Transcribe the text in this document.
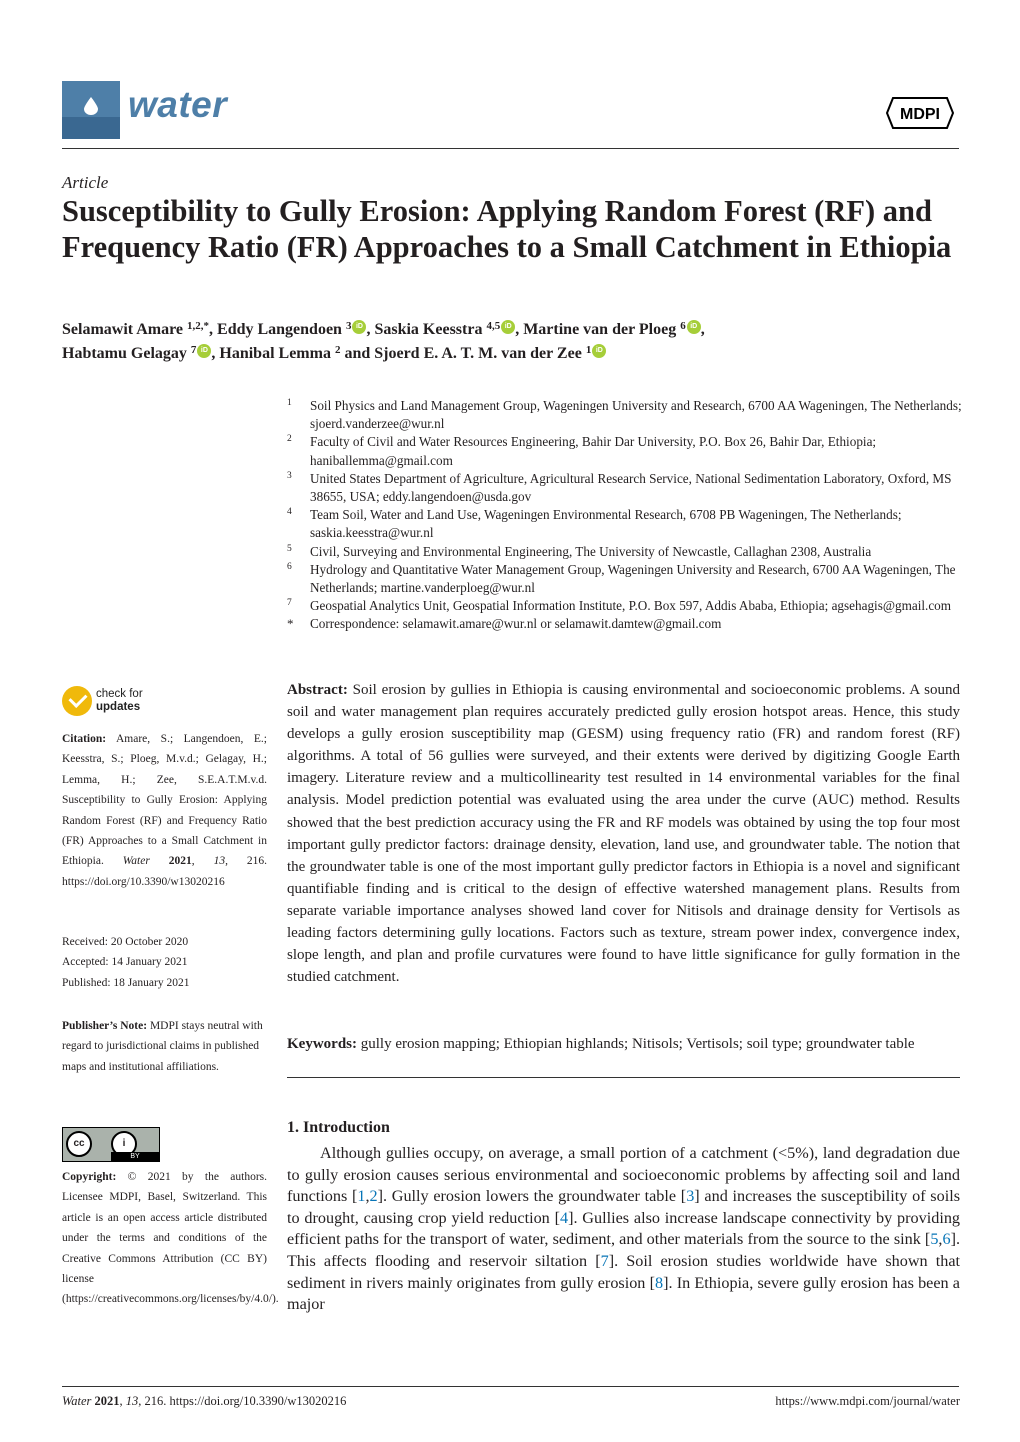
water	MDPI
Article
Susceptibility to Gully Erosion: Applying Random Forest (RF) and Frequency Ratio (FR) Approaches to a Small Catchment in Ethiopia
Selamawit Amare $^{1,2,*}$, Eddy Langendoen $^3$ iD , Saskia Keesstra $^{4,5}$ iD , Martine van der Ploeg $^6$ iD ,
Habtamu Gelagay $^7$ iD , Hanibal Lemma $^2$ and Sjoerd E. A. T. M. van der Zee $^1$ iD
1 Soil Physics and Land Management Group, Wageningen University and Research, 6700 AA Wageningen, The Netherlands; sjoerd.vanderzee@wur.nl
2 Faculty of Civil and Water Resources Engineering, Bahir Dar University, P.O. Box 26, Bahir Dar, Ethiopia; haniballemma@gmail.com
3 United States Department of Agriculture, Agricultural Research Service, National Sedimentation Laboratory, Oxford, MS 38655, USA; eddy.langendoen@usda.gov
4 Team Soil, Water and Land Use, Wageningen Environmental Research, 6708 PB Wageningen, The Netherlands; saskia.keesstra@wur.nl
5 Civil, Surveying and Environmental Engineering, The University of Newcastle, Callaghan 2308, Australia
6 Hydrology and Quantitative Water Management Group, Wageningen University and Research, 6700 AA Wageningen, The Netherlands; martine.vanderploeg@wur.nl
7 Geospatial Analytics Unit, Geospatial Information Institute, P.O. Box 597, Addis Ababa, Ethiopia; agsehagis@gmail.com
* Correspondence: selamawit.amare@wur.nl or selamawit.damtew@gmail.com
check for
updates
Citation: Amare, S.; Langendoen, E.; Keesstra, S.; Ploeg, M.v.d.; Gelagay, H.; Lemma, H.; Zee, S.E.A.T.M.v.d. Susceptibility to Gully Erosion: Applying Random Forest (RF) and Frequency Ratio (FR) Approaches to a Small Catchment in Ethiopia. Water 2021, 13, 216. https://doi.org/10.3390/w13020216
Received: 20 October 2020
Accepted: 14 January 2021
Published: 18 January 2021
Publisher’s Note: MDPI stays neutral with regard to jurisdictional claims in published maps and institutional affiliations.
cc	i
BY
Copyright: © 2021 by the authors. Licensee MDPI, Basel, Switzerland. This article is an open access article distributed under the terms and conditions of the Creative Commons Attribution (CC BY) license (https://creativecommons.org/licenses/by/4.0/).
Abstract: Soil erosion by gullies in Ethiopia is causing environmental and socioeconomic problems. A sound soil and water management plan requires accurately predicted gully erosion hotspot areas. Hence, this study develops a gully erosion susceptibility map (GESM) using frequency ratio (FR) and random forest (RF) algorithms. A total of 56 gullies were surveyed, and their extents were derived by digitizing Google Earth imagery. Literature review and a multicollinearity test resulted in 14 environmental variables for the final analysis. Model prediction potential was evaluated using the area under the curve (AUC) method. Results showed that the best prediction accuracy using the FR and RF models was obtained by using the top four most important gully predictor factors: drainage density, elevation, land use, and groundwater table. The notion that the groundwater table is one of the most important gully predictor factors in Ethiopia is a novel and significant quantifiable finding and is critical to the design of effective watershed management plans. Results from separate variable importance analyses showed land cover for Nitisols and drainage density for Vertisols as leading factors determining gully locations. Factors such as texture, stream power index, convergence index, slope length, and plan and profile curvatures were found to have little significance for gully formation in the studied catchment.
Keywords: gully erosion mapping; Ethiopian highlands; Nitisols; Vertisols; soil type; groundwater table
1. Introduction

Although gullies occupy, on average, a small portion of a catchment (<5%), land degradation due to gully erosion causes serious environmental and socioeconomic problems by affecting soil and land functions [1,2]. Gully erosion lowers the groundwater table [3] and increases the susceptibility of soils to drought, causing crop yield reduction [4]. Gullies also increase landscape connectivity by providing efficient paths for the transport of water, sediment, and other materials from the source to the sink [5,6]. This affects flooding and reservoir siltation [7]. Soil erosion studies worldwide have shown that sediment in rivers mainly originates from gully erosion [8]. In Ethiopia, severe gully erosion has been a major

Water 2021, 13, 216. https://doi.org/10.3390/w13020216	https://www.mdpi.com/journal/water
